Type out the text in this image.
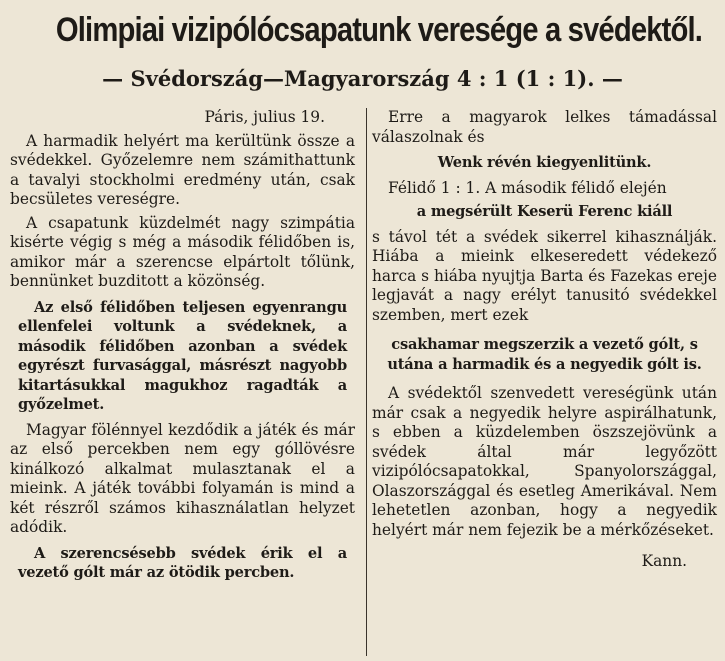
Olimpiai vizipólócsapatunk veresége a svédektől.
— Svédország—Magyarország 4 : 1 (1 : 1). —

Páris, julius 19.

A harmadik helyért ma kerültünk össze a svédekkel. Győzelemre nem számithattunk a tavalyi stockholmi eredmény után, csak becsületes vereségre.

A csapatunk küzdelmét nagy szimpátia kisérte végig s még a második félidőben is, amikor már a szerencse elpártolt tőlünk, bennünket buzditott a közönség.

Az első félidőben teljesen egyenrangu ellenfelei voltunk a svédeknek, a második félidőben azonban a svédek egyrészt furvasággal, másrészt nagyobb kitartásukkal magukhoz ragadták a győzelmet.

Magyar fölénnyel kezdődik a játék és már az első percekben nem egy góllövésre kinálkozó alkalmat mulasztanak el a mieink. A játék további folyamán is mind a két részről számos kihasználatlan helyzet adódik.

A szerencsésebb svédek érik el a vezető gólt már az ötödik percben.

Erre a magyarok lelkes támadással válaszolnak és

Wenk révén kiegyenlitünk.

Félidő 1 : 1. A második félidő elején

a megsérült Keserü Ferenc kiáll

s távol tét a svédek sikerrel kihasználják. Hiába a mieink elkeseredett védekező harca s hiába nyujtja Barta és Fazekas ereje legjavát a nagy erélyt tanusitó svédekkel szemben, mert ezek

csakhamar megszerzik a vezető gólt, s utána a harmadik és a negyedik gólt is.

A svédektől szenvedett vereségünk után már csak a negyedik helyre aspirálhatunk, s ebben a küzdelemben öszszejövünk a svédek által már legyőzött vizipólócsapatokkal, Spanyolországgal, Olaszországgal és esetleg Amerikával. Nem lehetetlen azonban, hogy a negyedik helyért már nem fejezik be a mérkőzéseket.

Kann.
